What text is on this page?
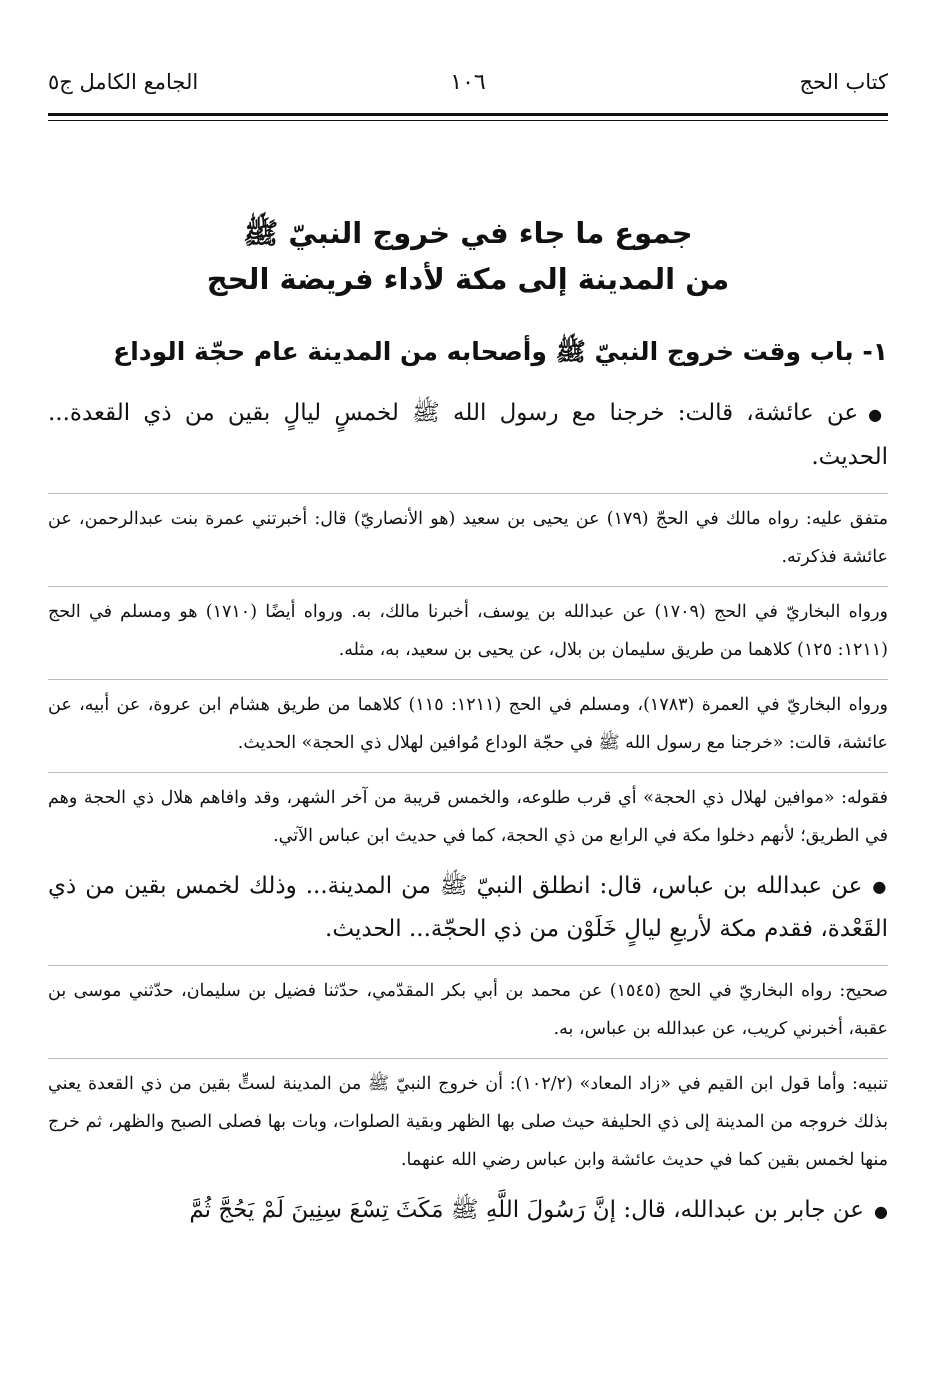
كتاب الحج
١٠٦
الجامع الكامل ج٥
جموع ما جاء في خروج النبيّ ﷺ
من المدينة إلى مكة لأداء فريضة الحج
١- باب وقت خروج النبيّ ﷺ وأصحابه من المدينة عام حجّة الوداع

●عن عائشة، قالت: خرجنا مع رسول الله ﷺ لخمسٍ ليالٍ بقين من ذي القعدة... الحديث.

متفق عليه: رواه مالك في الحجّ (١٧٩) عن يحيى بن سعيد (هو الأنصاريّ) قال: أخبرتني عمرة بنت عبدالرحمن، عن عائشة فذكرته.

ورواه البخاريّ في الحج (١٧٠٩) عن عبدالله بن يوسف، أخبرنا مالك، به. ورواه أيضًا (١٧١٠) هو ومسلم في الحج (١٢١١: ١٢٥) كلاهما من طريق سليمان بن بلال، عن يحيى بن سعيد، به، مثله.

ورواه البخاريّ في العمرة (١٧٨٣)، ومسلم في الحج (١٢١١: ١١٥) كلاهما من طريق هشام ابن عروة، عن أبيه، عن عائشة، قالت: «خرجنا مع رسول الله ﷺ في حجّة الوداع مُوافين لهلال ذي الحجة» الحديث.

فقوله: «موافين لهلال ذي الحجة» أي قرب طلوعه، والخمس قريبة من آخر الشهر، وقد وافاهم هلال ذي الحجة وهم في الطريق؛ لأنهم دخلوا مكة في الرابع من ذي الحجة، كما في حديث ابن عباس الآتي.

●عن عبدالله بن عباس، قال: انطلق النبيّ ﷺ من المدينة... وذلك لخمس بقين من ذي القَعْدة، فقدم مكة لأربعِ ليالٍ خَلَوْن من ذي الحجّة... الحديث.

صحيح: رواه البخاريّ في الحج (١٥٤٥) عن محمد بن أبي بكر المقدّمي، حدّثنا فضيل بن سليمان، حدّثني موسى بن عقبة، أخبرني كريب، عن عبدالله بن عباس، به.

تنبيه: وأما قول ابن القيم في «زاد المعاد» (١٠٢/٢): أن خروج النبيّ ﷺ من المدينة لستٍّ بقين من ذي القعدة يعني بذلك خروجه من المدينة إلى ذي الحليفة حيث صلى بها الظهر وبقية الصلوات، وبات بها فصلى الصبح والظهر، ثم خرج منها لخمس بقين كما في حديث عائشة وابن عباس رضي الله عنهما.

●عن جابر بن عبدالله، قال: إنَّ رَسُولَ اللَّهِ ﷺ مَكَثَ تِسْعَ سِنِينَ لَمْ يَحُجَّ ثُمَّ
